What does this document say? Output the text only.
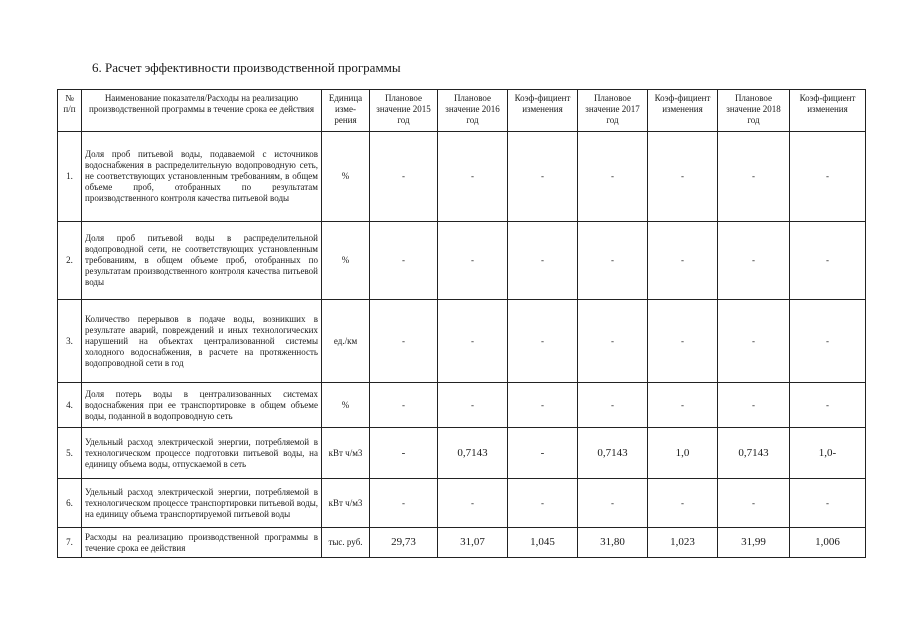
6. Расчет эффективности производственной программы
№ п/п	Наименование показателя/Расходы на реализацию производственной программы в течение срока ее действия	Единица изме-рения	Плановое значение 2015 год	Плановое значение 2016 год	Коэф-фициент изменения	Плановое значение 2017 год	Коэф-фициент изменения	Плановое значение 2018 год	Коэф-фициент изменения
1.	Доля проб питьевой воды, подаваемой с источников водоснабжения в распределительную водопроводную сеть, не соответствующих установленным требованиям, в общем объеме проб, отобранных по результатам производственного контроля качества питьевой воды	%	-	-	-	-	-	-	-
2.	Доля проб питьевой воды в распределительной водопроводной сети, не соответствующих установленным требованиям, в общем объеме проб, отобранных по результатам производственного контроля качества питьевой воды	%	-	-	-	-	-	-	-
3.	Количество перерывов в подаче воды, возникших в результате аварий, повреждений и иных технологических нарушений на объектах централизованной системы холодного водоснабжения, в расчете на протяженность водопроводной сети в год	ед./км	-	-	-	-	-	-	-
4.	Доля потерь воды в централизованных системах водоснабжения при ее транспортировке в общем объеме воды, поданной в водопроводную сеть	%	-	-	-	-	-	-	-
5.	Удельный расход электрической энергии, потребляемой в технологическом процессе подготовки питьевой воды, на единицу объема воды, отпускаемой в сеть	кВт ч/м3	-	0,7143	-	0,7143	1,0	0,7143	1,0-
6.	Удельный расход электрической энергии, потребляемой в технологическом процессе транспортировки питьевой воды, на единицу объема транспортируемой питьевой воды	кВт ч/м3	-	-	-	-	-	-	-
7.	Расходы на реализацию производственной программы в течение срока ее действия	тыс. руб.	29,73	31,07	1,045	31,80	1,023	31,99	1,006
